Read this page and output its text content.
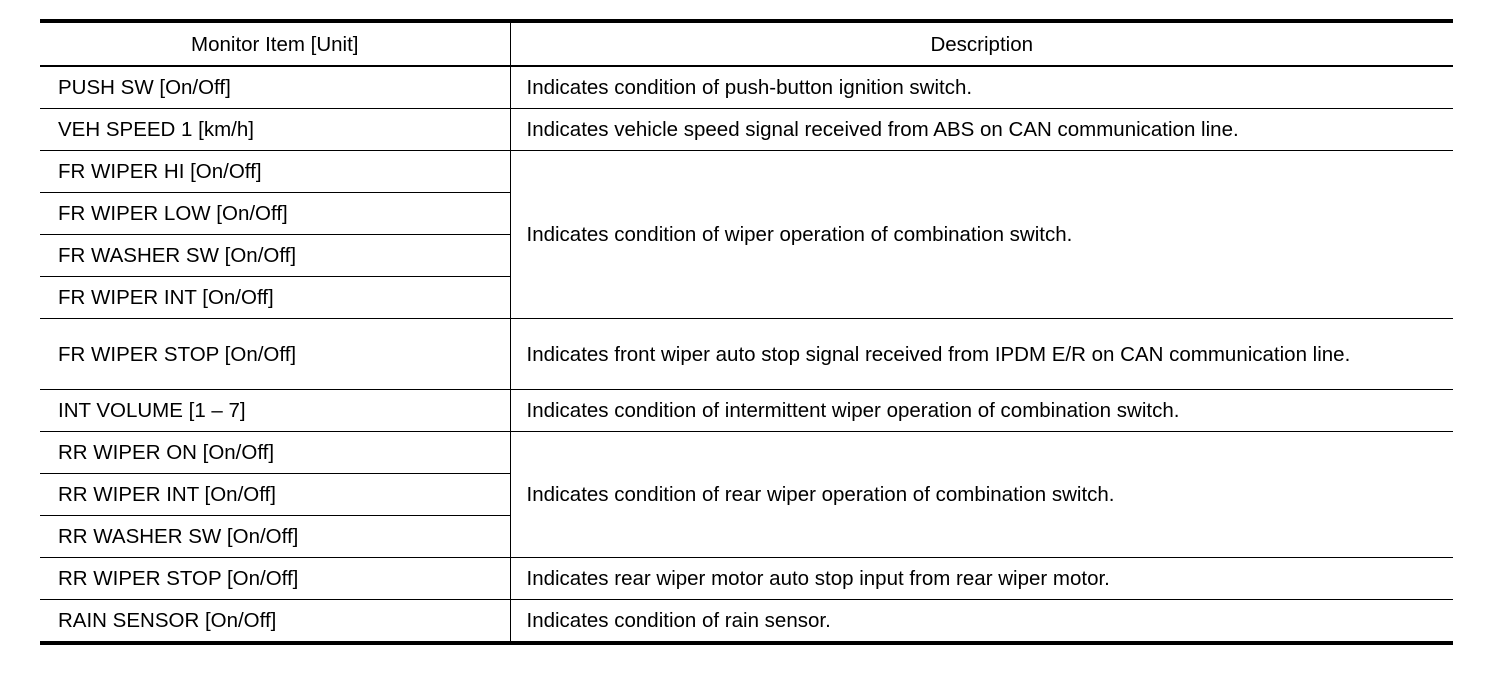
Monitor Item [Unit]	Description
PUSH SW [On/Off]	Indicates condition of push-button ignition switch.
VEH SPEED 1 [km/h]	Indicates vehicle speed signal received from ABS on CAN communication line.
FR WIPER HI [On/Off]	Indicates condition of wiper operation of combination switch.
FR WIPER LOW [On/Off]	
FR WASHER SW [On/Off]	
FR WIPER INT [On/Off]	
FR WIPER STOP [On/Off]	Indicates front wiper auto stop signal received from IPDM E/R on CAN communication line.
INT VOLUME [1 – 7]	Indicates condition of intermittent wiper operation of combination switch.
RR WIPER ON [On/Off]	Indicates condition of rear wiper operation of combination switch.
RR WIPER INT [On/Off]	
RR WASHER SW [On/Off]	
RR WIPER STOP [On/Off]	Indicates rear wiper motor auto stop input from rear wiper motor.
RAIN SENSOR [On/Off]	Indicates condition of rain sensor.
